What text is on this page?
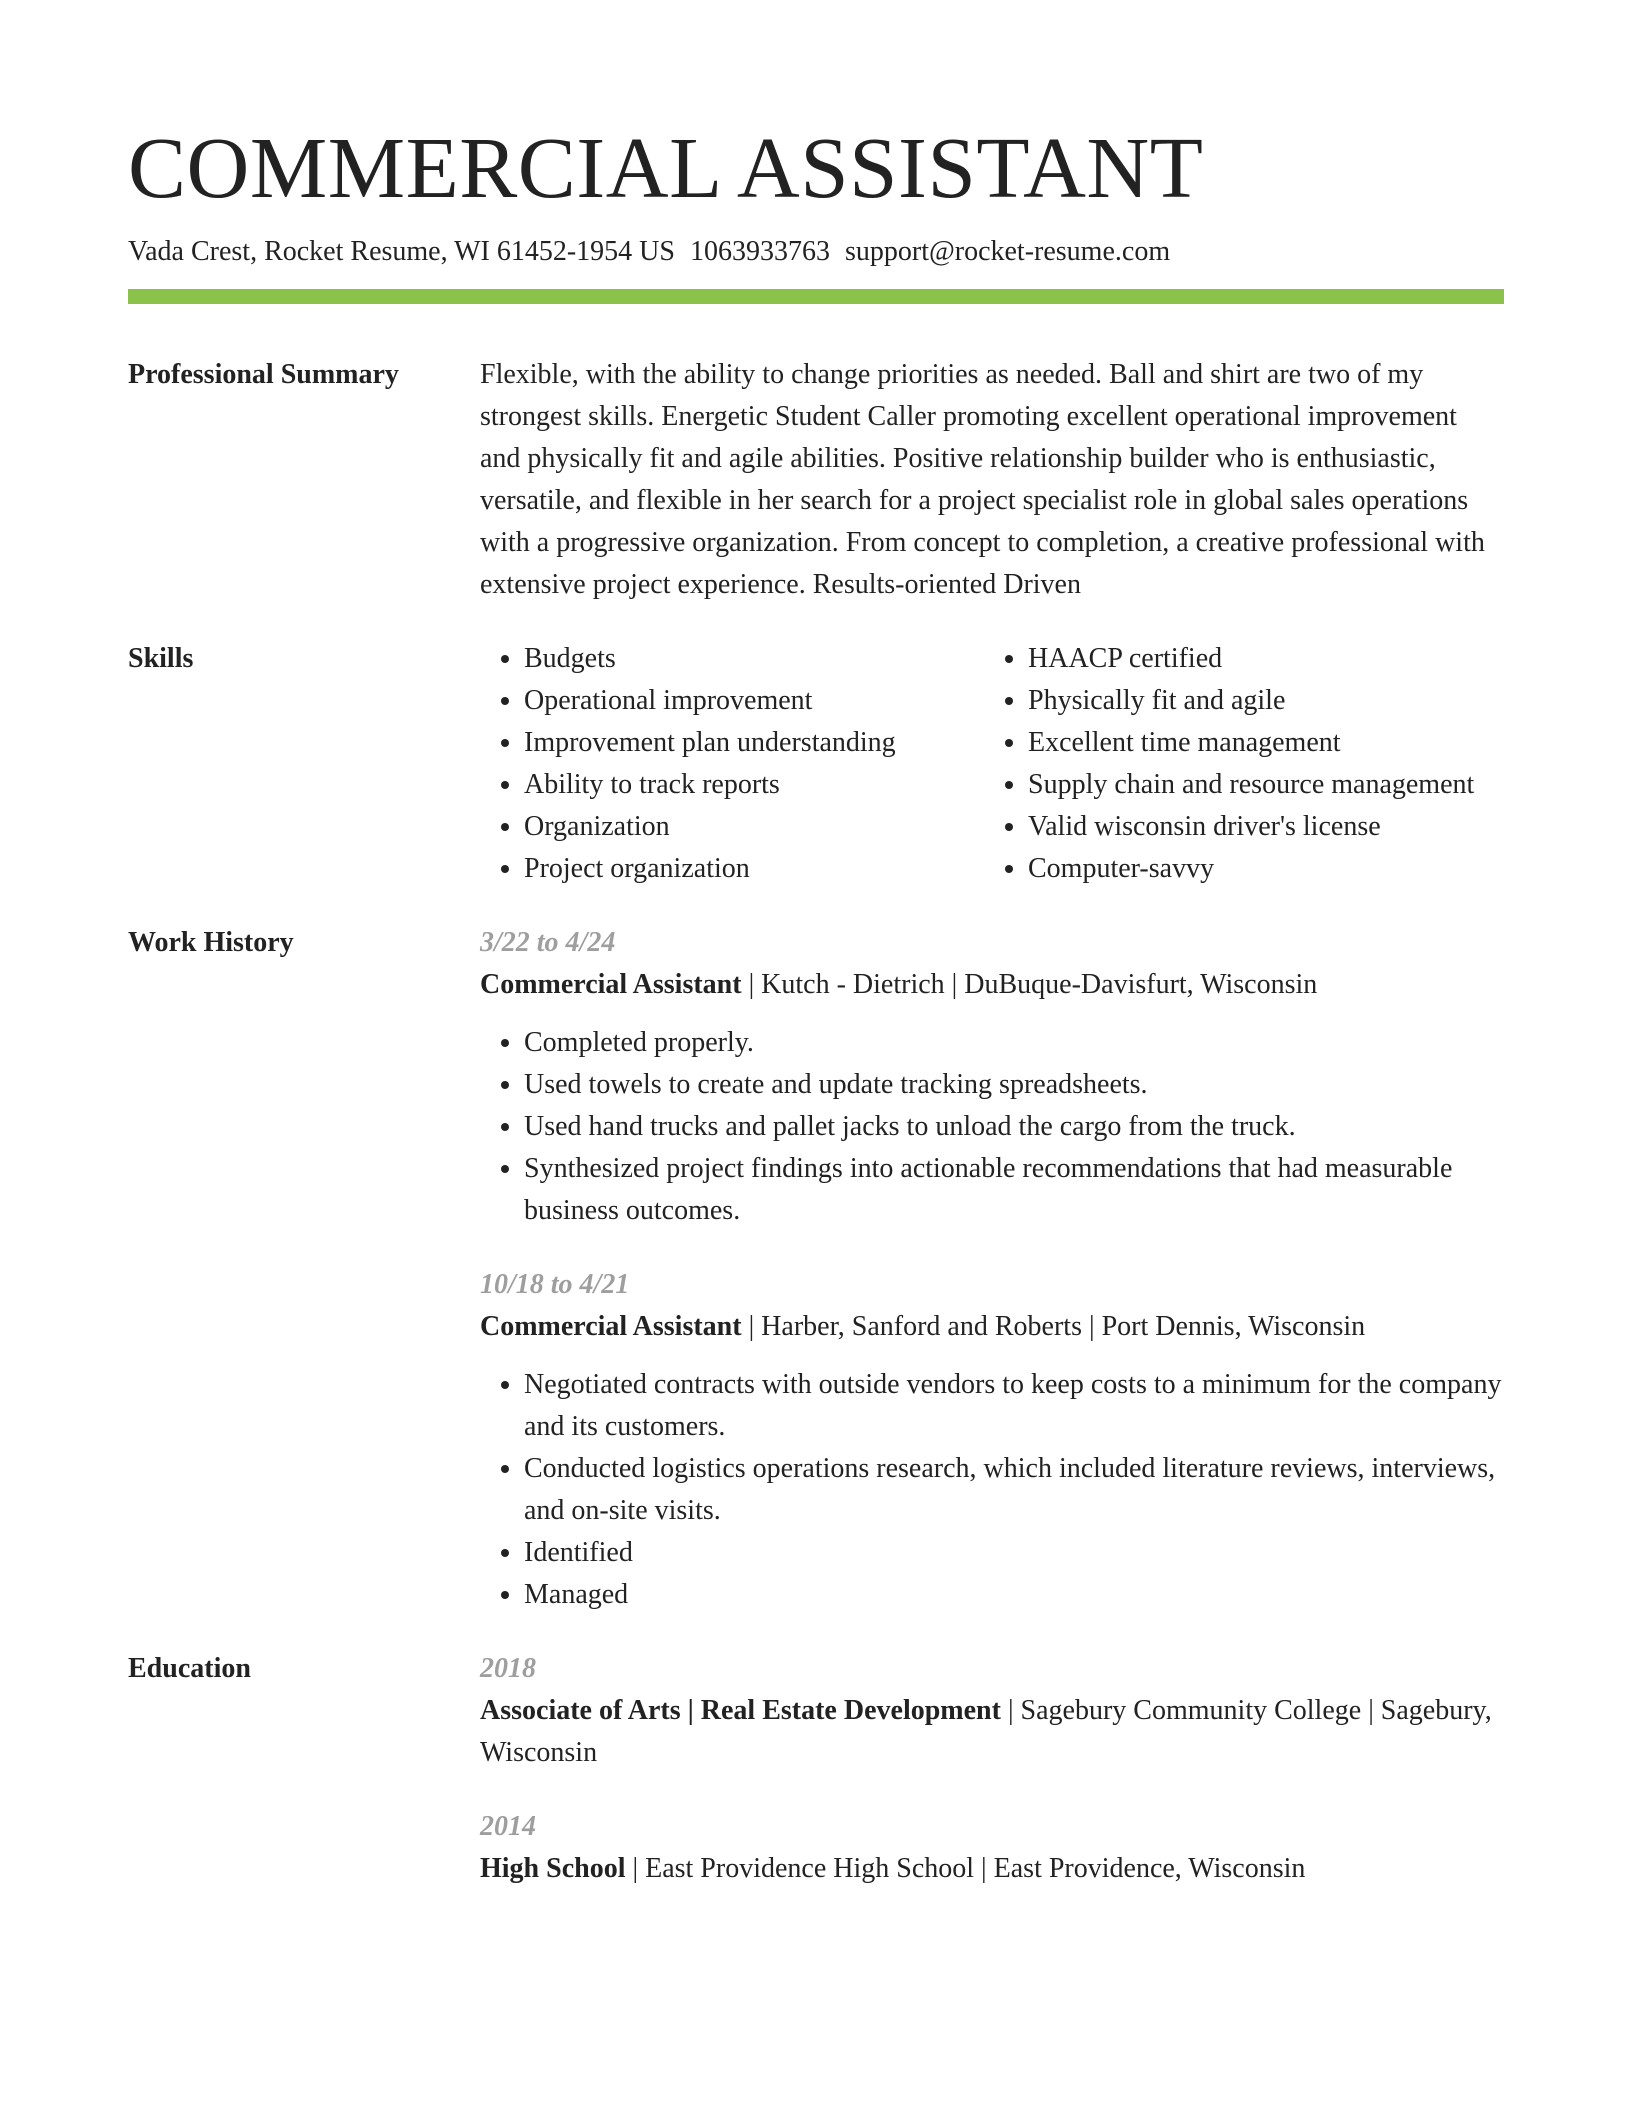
COMMERCIAL ASSISTANT
Vada Crest, Rocket Resume, WI 61452-1954 US 1063933763 support@rocket-resume.com
Professional Summary	Flexible, with the ability to change priorities as needed. Ball and shirt are two of my strongest skills. Energetic Student Caller promoting excellent operational improvement and physically fit and agile abilities. Positive relationship builder who is enthusiastic, versatile, and flexible in her search for a project specialist role in global sales operations with a progressive organization. From concept to completion, a creative professional with extensive project experience. Results-oriented Driven

Skills
•	Budgets
• Operational improvement
• Improvement plan understanding
• Ability to track reports
• Organization
• Project organization
• HAACP certified
• Physically fit and agile
• Excellent time management
• Supply chain and resource management
• Valid wisconsin driver's license
• Computer-savvy
Work History	3/22 to 4/24
Commercial Assistant | Kutch - Dietrich | DuBuque-Davisfurt, Wisconsin
• Completed properly.
• Used towels to create and update tracking spreadsheets.
• Used hand trucks and pallet jacks to unload the cargo from the truck.
• Synthesized project findings into actionable recommendations that had measurable business outcomes.
10/18 to 4/21
Commercial Assistant | Harber, Sanford and Roberts | Port Dennis, Wisconsin
• Negotiated contracts with outside vendors to keep costs to a minimum for the company and its customers.
• Conducted logistics operations research, which included literature reviews, interviews, and on-site visits.
• Identified
• Managed
Education	2018
Associate of Arts | Real Estate Development | Sagebury Community College | Sagebury, Wisconsin
2014
High School | East Providence High School | East Providence, Wisconsin
